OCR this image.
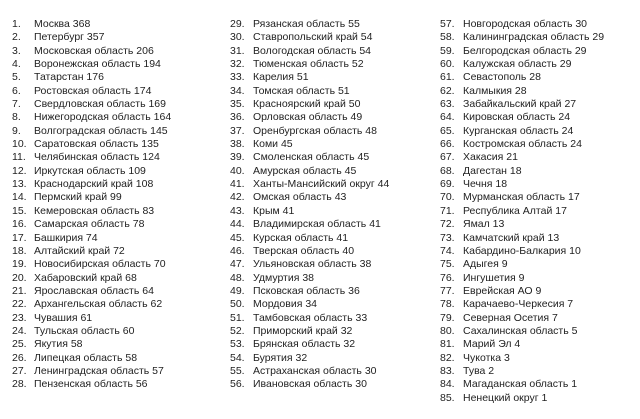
1.	Москва 368
2.	Петербург 357
3.	Московская область 206
4.	Воронежская область 194
5.	Татарстан 176
6.	Ростовская область 174
7.	Свердловская область 169
8.	Нижегородская область 164
9.	Волгоградская область 145
10. Саратовская область 135
11. Челябинская область 124
12. Иркутская область 109
13. Краснодарский край 108
14. Пермский край 99
15. Кемеровская область 83
16. Самарская область 78
17. Башкирия 74
18. Алтайский край 72
19. Новосибирская область 70
20. Хабаровский край 68
21. Ярославская область 64
22. Архангельская область 62
23. Чувашия 61
24. Тульская область 60
25. Якутия 58
26. Липецкая область 58
27. Ленинградская область 57
28. Пензенская область 56
29. Рязанская область 55
30. Ставропольский край 54
31. Вологодская область 54
32. Тюменская область 52
33. Карелия 51
34. Томская область 51
35. Красноярский край 50
36. Орловская область 49
37. Оренбургская область 48
38. Коми 45
39. Смоленская область 45
40. Амурская область 45
41. Ханты-Мансийский округ 44
42. Омская область 43
43. Крым 41
44. Владимирская область 41
45. Курская область 41
46. Тверская область 40
47. Ульяновская область 38
48. Удмуртия 38
49. Псковская область 36
50. Мордовия 34
51. Тамбовская область 33
52. Приморский край 32
53. Брянская область 32
54. Бурятия 32
55. Астраханская область 30
56. Ивановская область 30
57. Новгородская область 30
58. Калининградская область 29
59. Белгородская область 29
60. Калужская область 29
61. Севастополь 28
62. Калмыкия 28
63. Забайкальский край 27
64. Кировская область 24
65. Курганская область 24
66. Костромская область 24
67. Хакасия 21
68. Дагестан 18
69. Чечня 18
70. Мурманская область 17
71. Республика Алтай 17
72. Ямал 13
73. Камчатский край 13
74. Кабардино-Балкария 10
75. Адыгея 9
76. Ингушетия 9
77. Еврейская АО 9
78. Карачаево-Черкесия 7
79. Северная Осетия 7
80. Сахалинская область 5
81. Марий Эл 4
82. Чукотка 3
83. Тува 2
84. Магаданская область 1
85. Ненецкий округ 1
